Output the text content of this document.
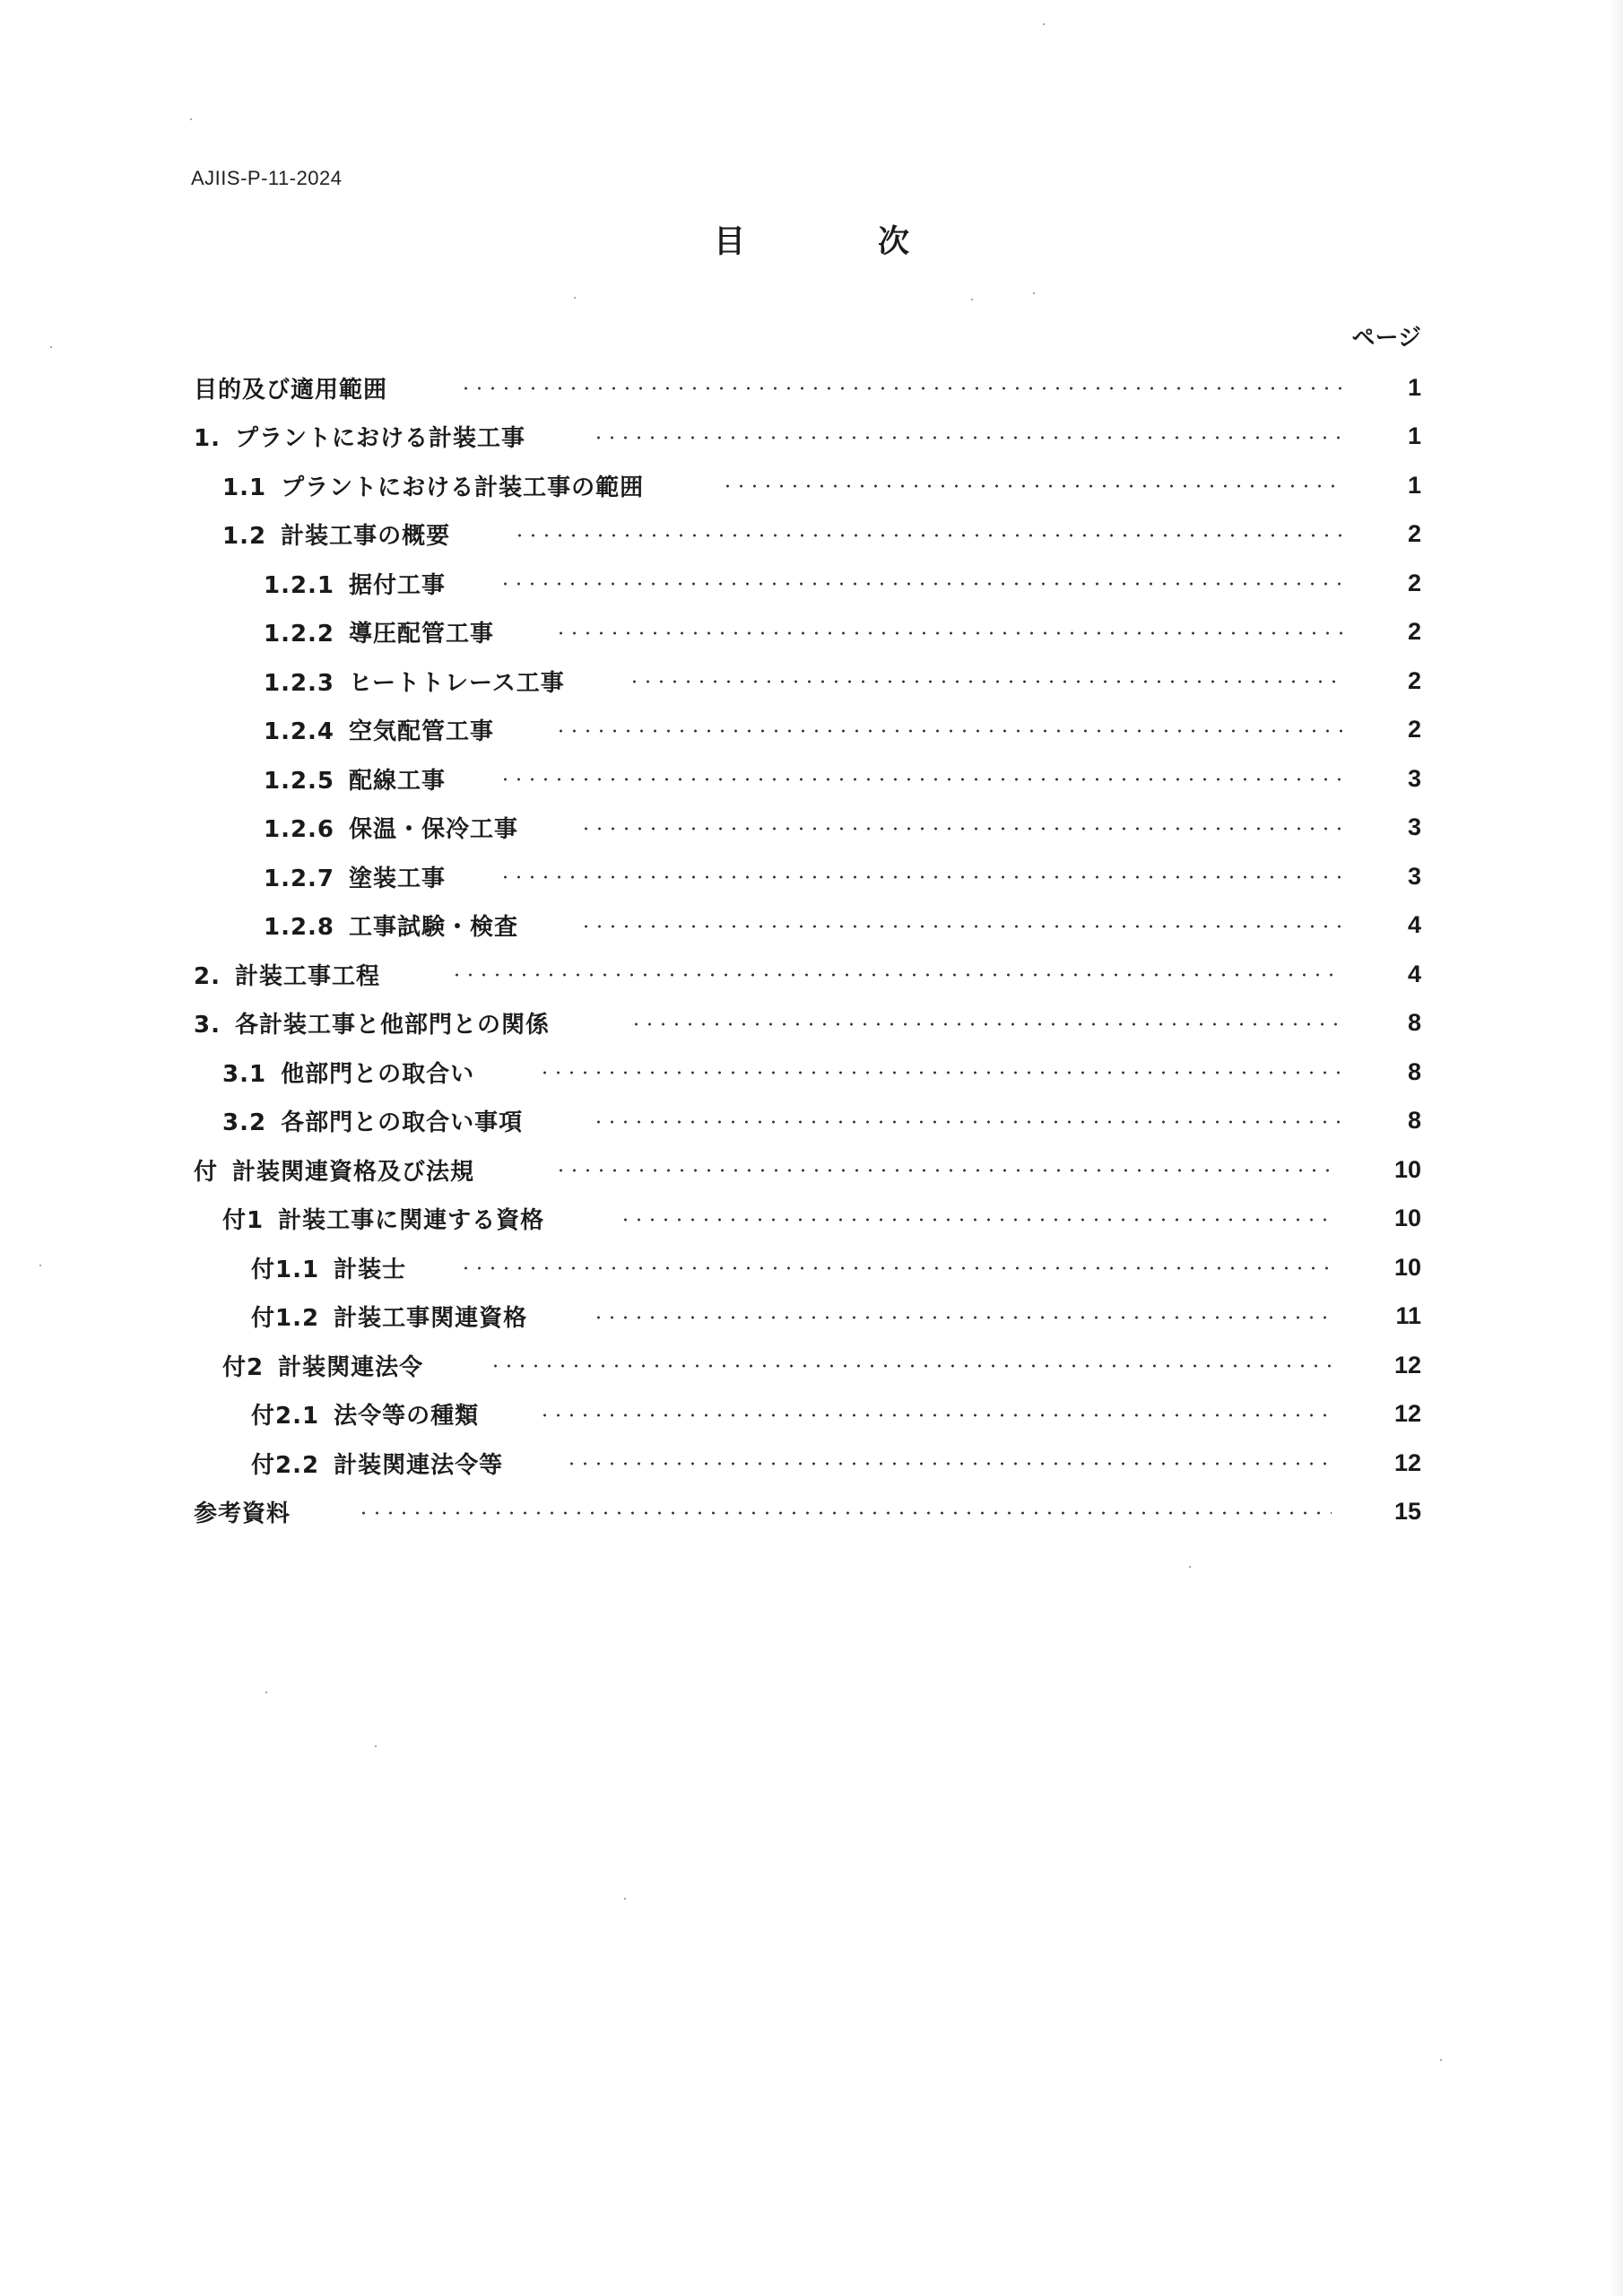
AJIIS-P-11-2024
目	次
ページ
目的及び適用範囲	1
1. プラントにおける計装工事	1
1.1 プラントにおける計装工事の範囲	1
1.2 計装工事の概要	2
1.2.1 据付工事	2
1.2.2 導圧配管工事	2
1.2.3 ヒートトレース工事	2
1.2.4 空気配管工事	2
1.2.5 配線工事	3
1.2.6 保温・保冷工事	3
1.2.7 塗装工事	3
1.2.8 工事試験・検査	4
2. 計装工事工程	4
3. 各計装工事と他部門との関係	8
3.1 他部門との取合い	8
3.2 各部門との取合い事項	8
付 計装関連資格及び法規	10
付1 計装工事に関連する資格	10
付1.1 計装士	10
付1.2 計装工事関連資格	11
付2 計装関連法令	12
付2.1 法令等の種類	12
付2.2 計装関連法令等	12
参考資料	15
